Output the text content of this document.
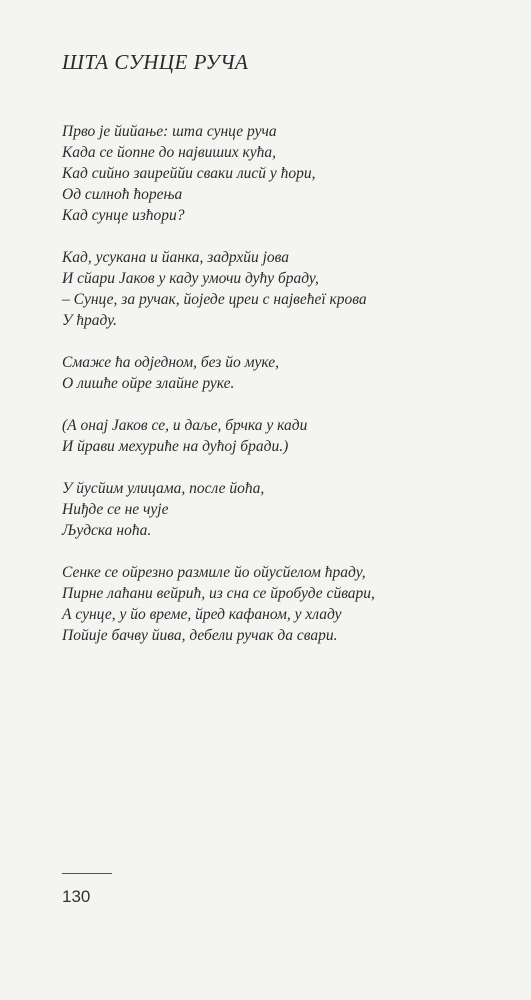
ШТА СУНЦЕ РУЧА
Прво је йийање: шта сунце руча
Када се йопне до највиших кућа,
Кад сийно заиреййи сваки лисй у ћори,
Од силноћ ћорења
Кад сунце изћори?
Кад, усукана и йанка, задрхйи јова
И сйари Јаков у каду умочи дућу браду,
– Сунце, за ручак, йоједе цреи с највећеї крова
У ћраду.
Смаже ћа одједном, без йо муке,
О лишће ойре злайне руке.
(А онај Јаков се, и даље, брчка у кади
И йрави мехуриће на дућој бради.)
У йусйим улицама, после йоћа,
Ниђде се не чује
Људска ноћа.
Сенке се ойрезно размиле йо ойусйелом ћраду,
Пирне лаћани вейрић, из сна се йробуде сйвари,
А сунце, у йо време, йред кафаном, у хладу
Пойије бачву йива, дебели ручак да свари.
130
